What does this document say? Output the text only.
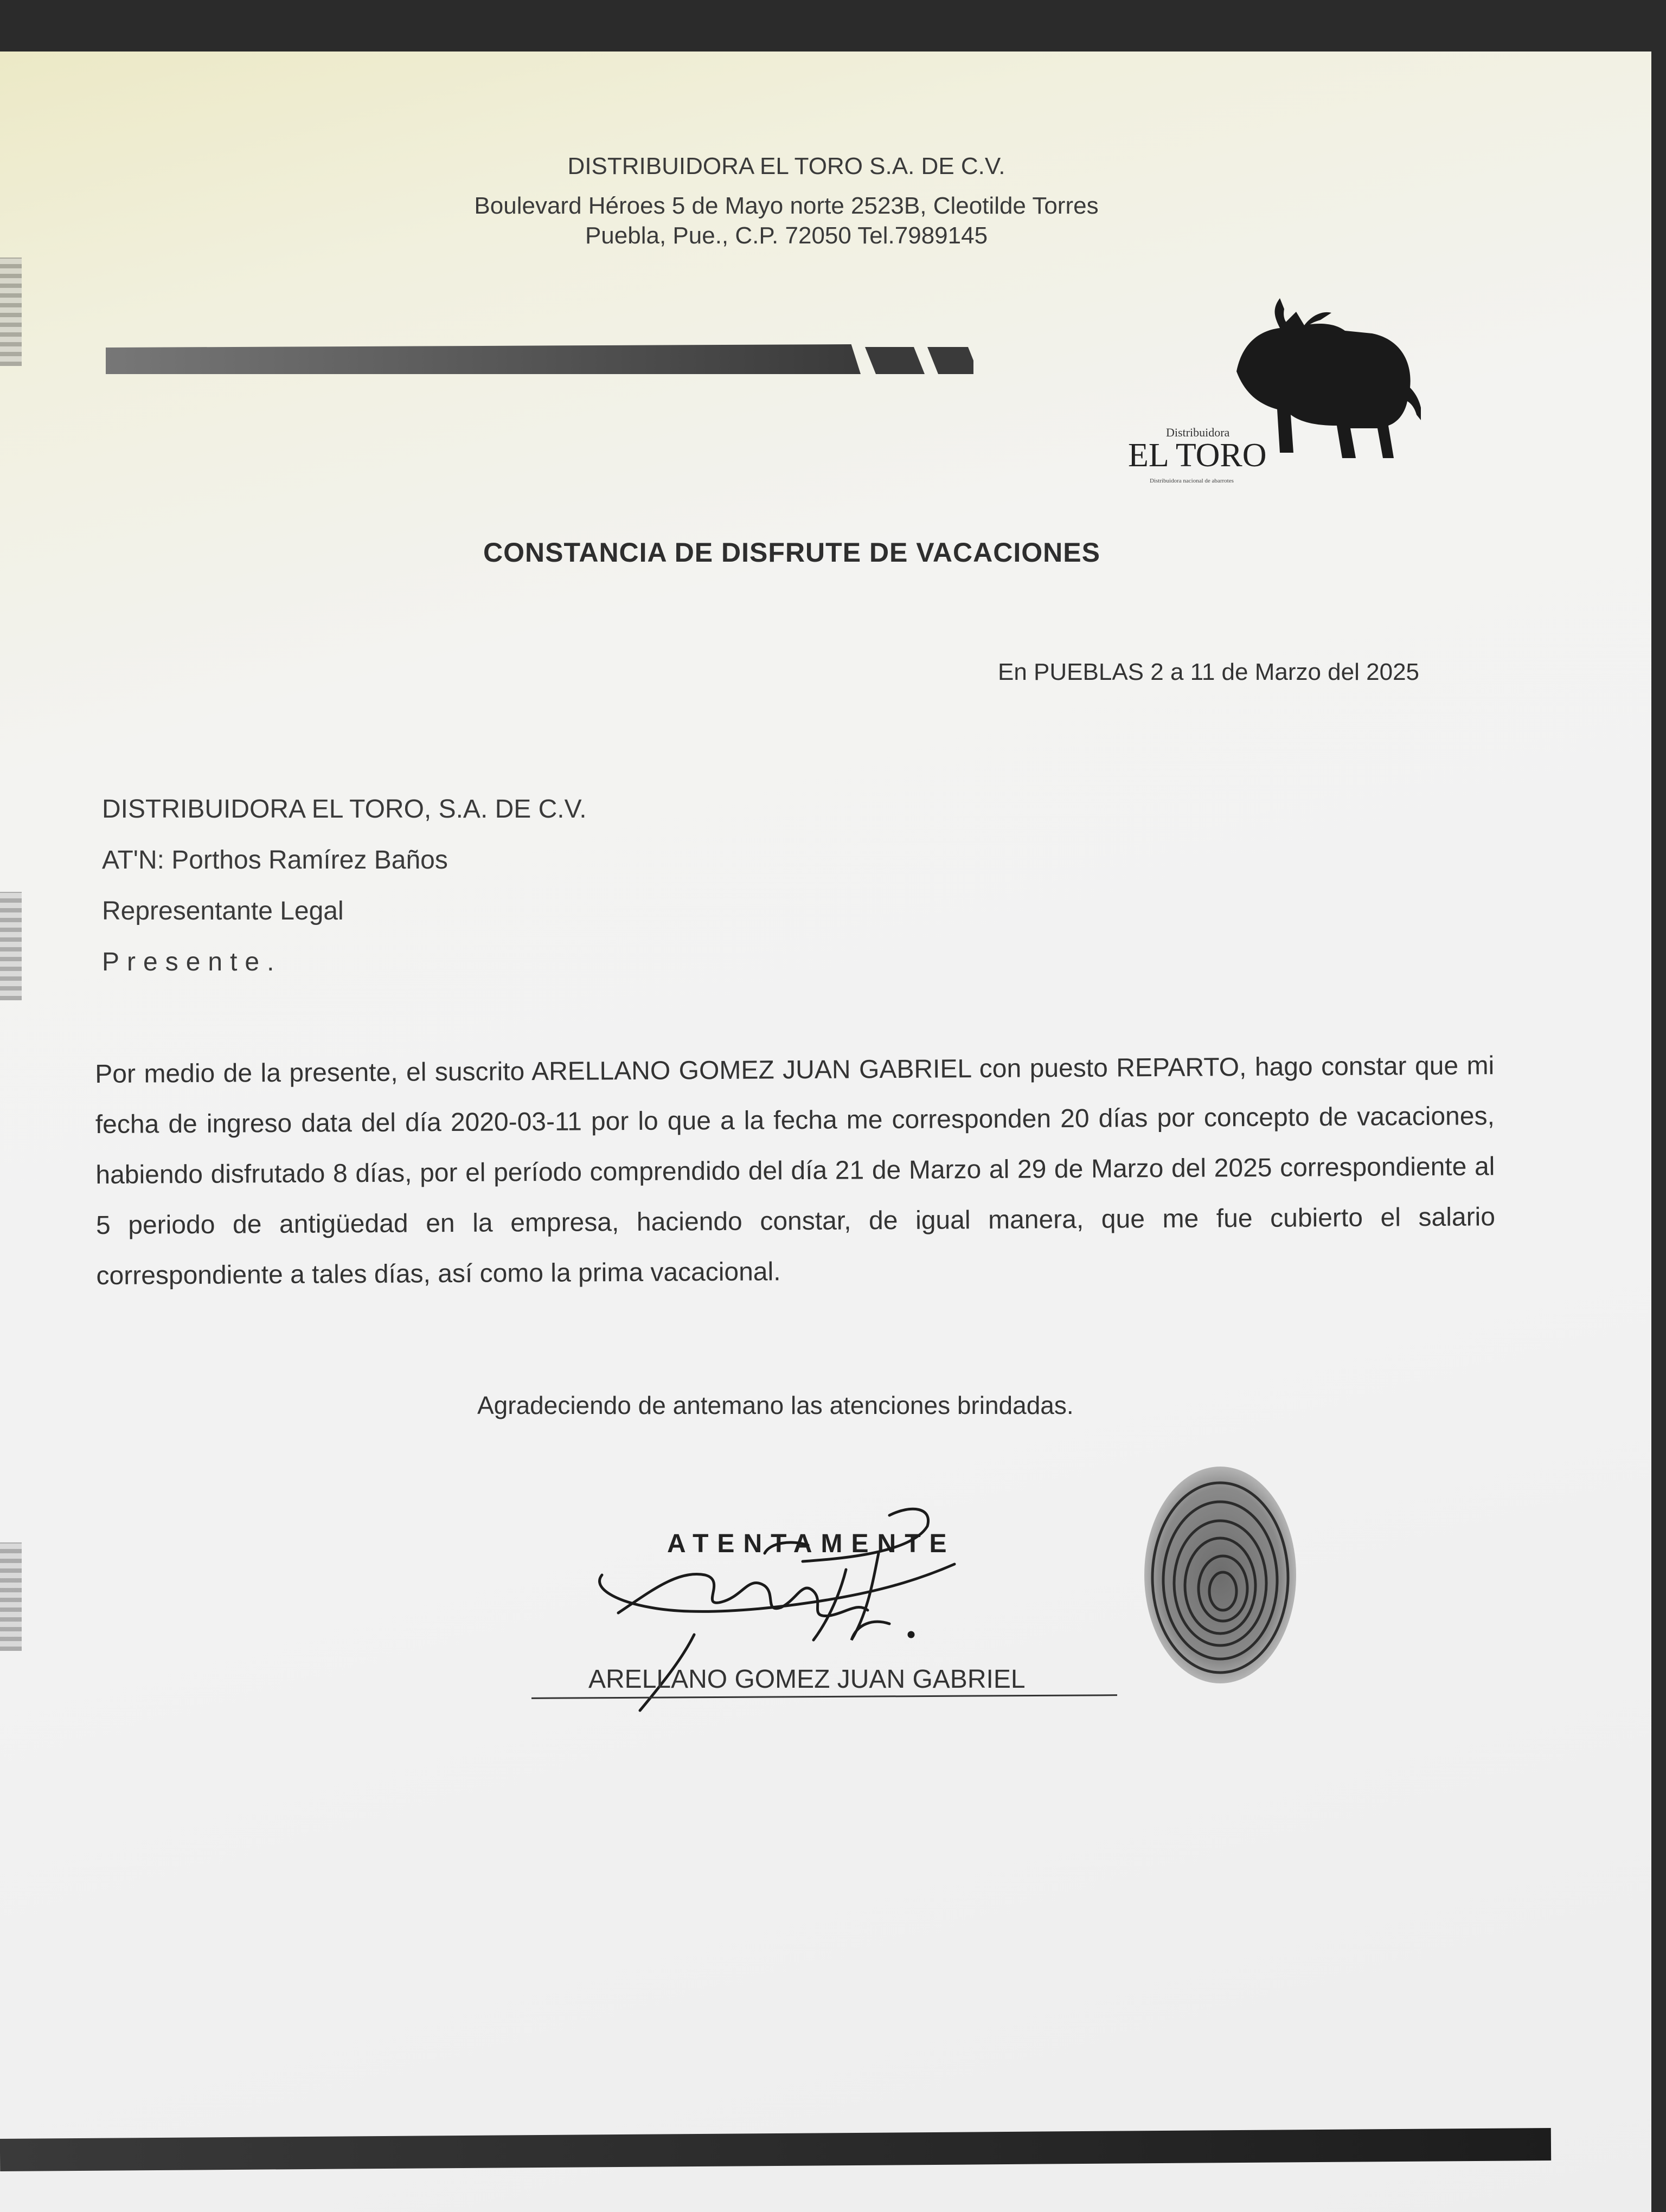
DISTRIBUIDORA EL TORO S.A. DE C.V.
Boulevard Héroes 5 de Mayo norte 2523B, Cleotilde Torres
Puebla, Pue., C.P. 72050 Tel.7989145
Distribuidora
EL TORO
Distribuidora nacional de abarrotes
CONSTANCIA DE DISFRUTE DE VACACIONES
En PUEBLAS 2 a 11 de Marzo del 2025
DISTRIBUIDORA EL TORO, S.A. DE C.V.
AT'N: Porthos Ramírez Baños
Representante Legal
Presente.
Por medio de la presente, el suscrito ARELLANO GOMEZ JUAN GABRIEL con puesto REPARTO, hago constar que mi fecha de ingreso data del día 2020-03-11 por lo que a la fecha me corresponden 20 días por concepto de vacaciones, habiendo disfrutado 8 días, por el período comprendido del día 21 de Marzo al 29 de Marzo del 2025 correspondiente al 5 periodo de antigüedad en la empresa, haciendo constar, de igual manera, que me fue cubierto el salario correspondiente a tales días, así como la prima vacacional.
Agradeciendo de antemano las atenciones brindadas.
ATENTAMENTE
ARELLANO GOMEZ JUAN GABRIEL
